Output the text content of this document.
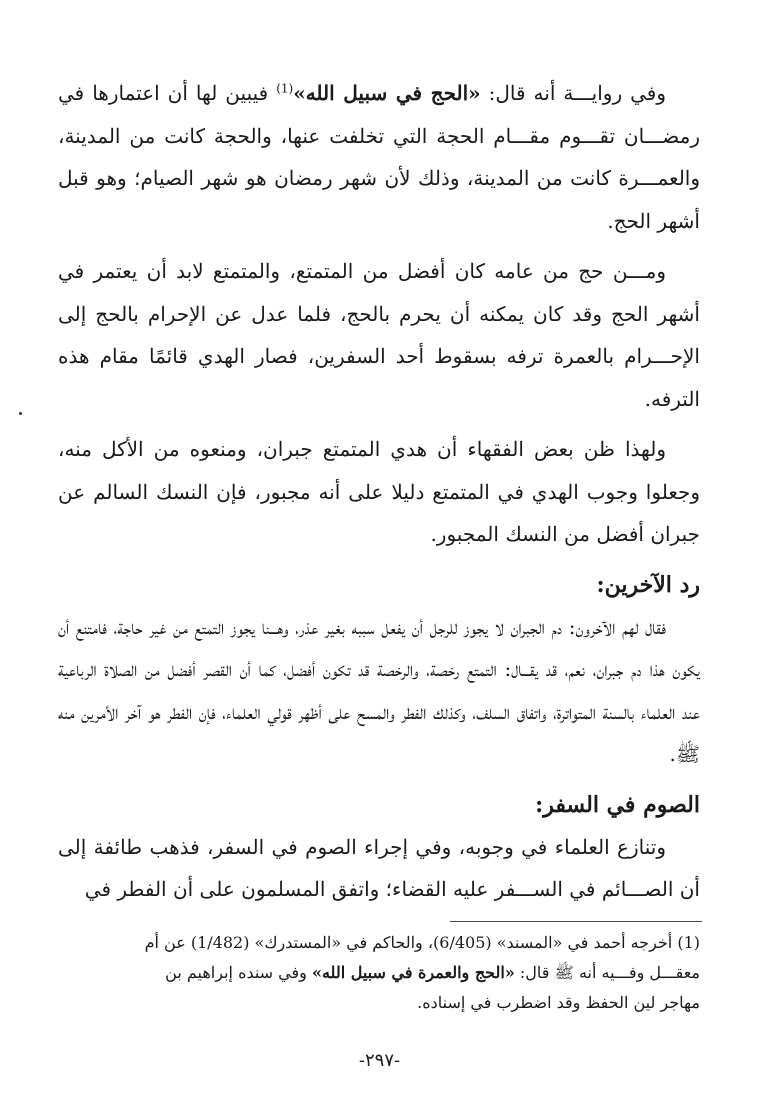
وفي روايـــة أنه قال: «الحج في سبيل الله»$^{(1)}$ فيبين لها أن اعتمارها في رمضـــان تقـــوم مقـــام الحجة التي تخلفت عنها، والحجة كانت من المدينة، والعمـــرة كانت من المدينة، وذلك لأن شهر رمضان هو شهر الصيام؛ وهو قبل أشهر الحج.

ومـــن حج من عامه كان أفضل من المتمتع، والمتمتع لابد أن يعتمر في أشهر الحج وقد كان يمكنه أن يحرم بالحج، فلما عدل عن الإحرام بالحج إلى الإحـــرام بالعمرة ترفه بسقوط أحد السفرين، فصار الهدي قائمًا مقام هذه الترفه.

ولهذا ظن بعض الفقهاء أن هدي المتمتع جبران، ومنعوه من الأكل منه، وجعلوا وجوب الهدي في المتمتع دليلا على أنه مجبور، فإن النسك السالم عن جبران أفضل من النسك المجبور.

رد الآخرين:

فقال لهم الآخرون: دم الجبران لا يجوز للرجل أن يفعل سببه بغير عذر، وهـــنا يجوز التمتع من غير حاجة، فامتنع أن يكون هذا دم جبران، نعم، قد يقـــال: التمتع رخصة، والرخصة قد تكون أفضل، كما أن القصر أفضل من الصلاة الرباعية عند العلماء بالسنة المتواترة، واتفاق السلف، وكذلك الفطر والمسح على أظهر قولي العلماء، فإن الفطر هو آخر الأمرين منه ﷺ.

الصوم في السفر:

وتنازع العلماء في وجوبه، وفي إجراء الصوم في السفر، فذهب طائفة إلى أن الصـــائم في الســـفر عليه القضاء؛ واتفق المسلمون على أن الفطر في

(1) أخرجه أحمد في «المسند» (6/405)، والحاكم في «المستدرك» (1/482) عن أم

معقـــل وفـــيه أنه ﷺ قال: «الحج والعمرة في سبيل الله» وفي سنده إبراهيم بن

مهاجر لين الحفظ وقد اضطرب في إسناده.

-٢٩٧-
